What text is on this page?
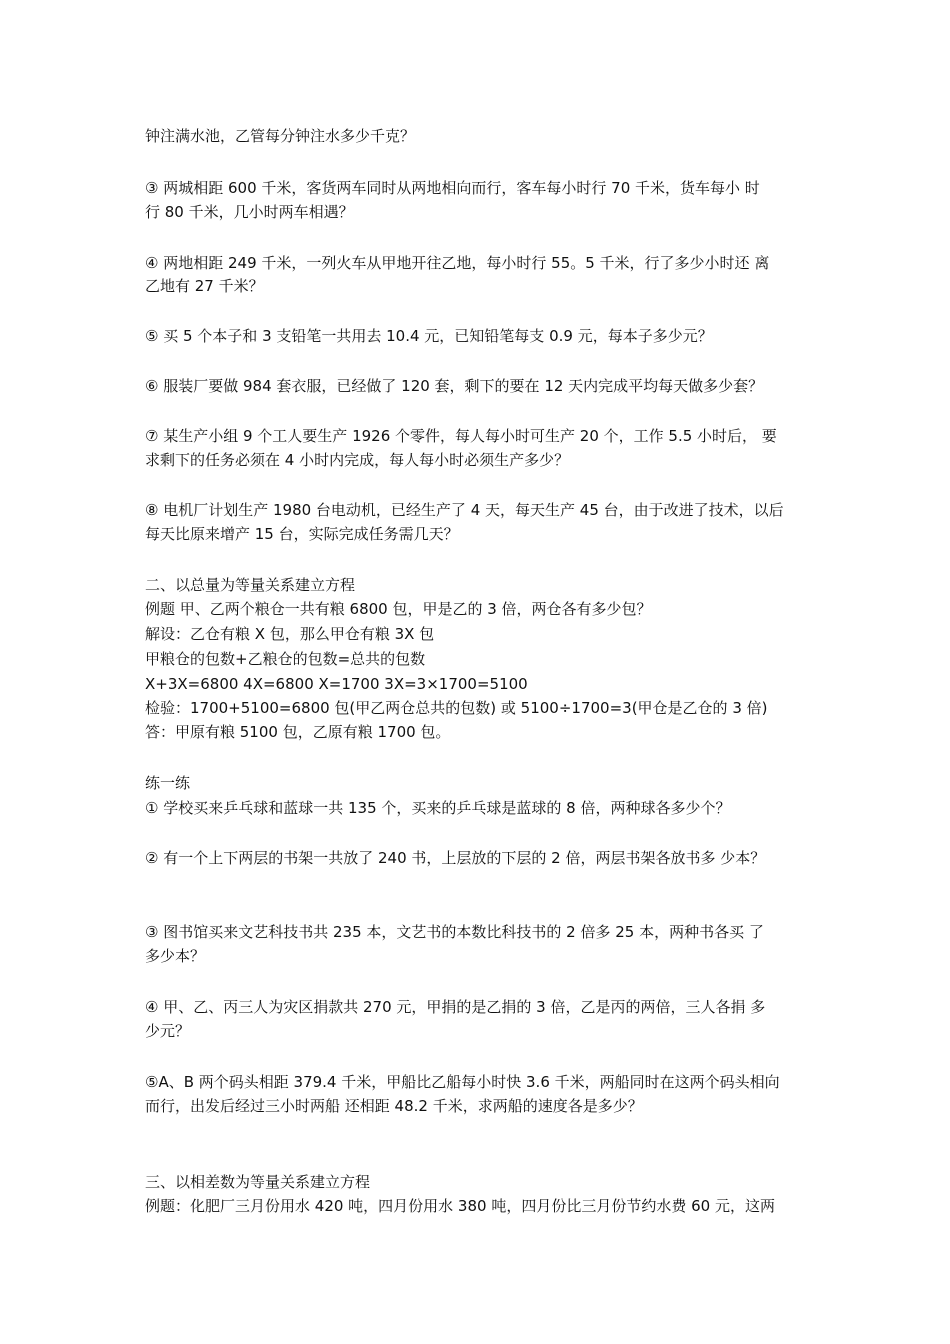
钟注满水池，乙管每分钟注水多少千克？
③ 两城相距 600 千米，客货两车同时从两地相向而行，客车每小时行 70 千米，货车每小 时
行 80 千米，几小时两车相遇？
④ 两地相距 249 千米，一列火车从甲地开往乙地，每小时行 55。5 千米，行了多少小时还 离
乙地有 27 千米？
⑤ 买 5 个本子和 3 支铅笔一共用去 10.4 元，已知铅笔每支 0.9 元，每本子多少元？
⑥ 服装厂要做 984 套衣服，已经做了 120 套，剩下的要在 12 天内完成平均每天做多少套？
⑦ 某生产小组 9 个工人要生产 1926 个零件，每人每小时可生产 20 个，工作 5.5 小时后， 要
求剩下的任务必须在 4 小时内完成，每人每小时必须生产多少？
⑧ 电机厂计划生产 1980 台电动机，已经生产了 4 天，每天生产 45 台，由于改进了技术，以后
每天比原来增产 15 台，实际完成任务需几天？
二、以总量为等量关系建立方程
例题 甲、乙两个粮仓一共有粮 6800 包，甲是乙的 3 倍，两仓各有多少包？
解设：乙仓有粮 X 包，那么甲仓有粮 3X 包
甲粮仓的包数+乙粮仓的包数=总共的包数
X+3X=6800 4X=6800 X=1700 3X=3×1700=5100
检验：1700+5100=6800 包(甲乙两仓总共的包数) 或 5100÷1700=3(甲仓是乙仓的 3 倍)
答：甲原有粮 5100 包，乙原有粮 1700 包。
练一练
① 学校买来乒乓球和蓝球一共 135 个，买来的乒乓球是蓝球的 8 倍，两种球各多少个？
② 有一个上下两层的书架一共放了 240 书，上层放的下层的 2 倍，两层书架各放书多 少本？
③ 图书馆买来文艺科技书共 235 本，文艺书的本数比科技书的 2 倍多 25 本，两种书各买 了
多少本？
④ 甲、乙、丙三人为灾区捐款共 270 元，甲捐的是乙捐的 3 倍，乙是丙的两倍，三人各捐 多
少元？
⑤A、B 两个码头相距 379.4 千米，甲船比乙船每小时快 3.6 千米，两船同时在这两个码头相向
而行，出发后经过三小时两船 还相距 48.2 千米，求两船的速度各是多少？
三、以相差数为等量关系建立方程
例题：化肥厂三月份用水 420 吨，四月份用水 380 吨，四月份比三月份节约水费 60 元，这两
